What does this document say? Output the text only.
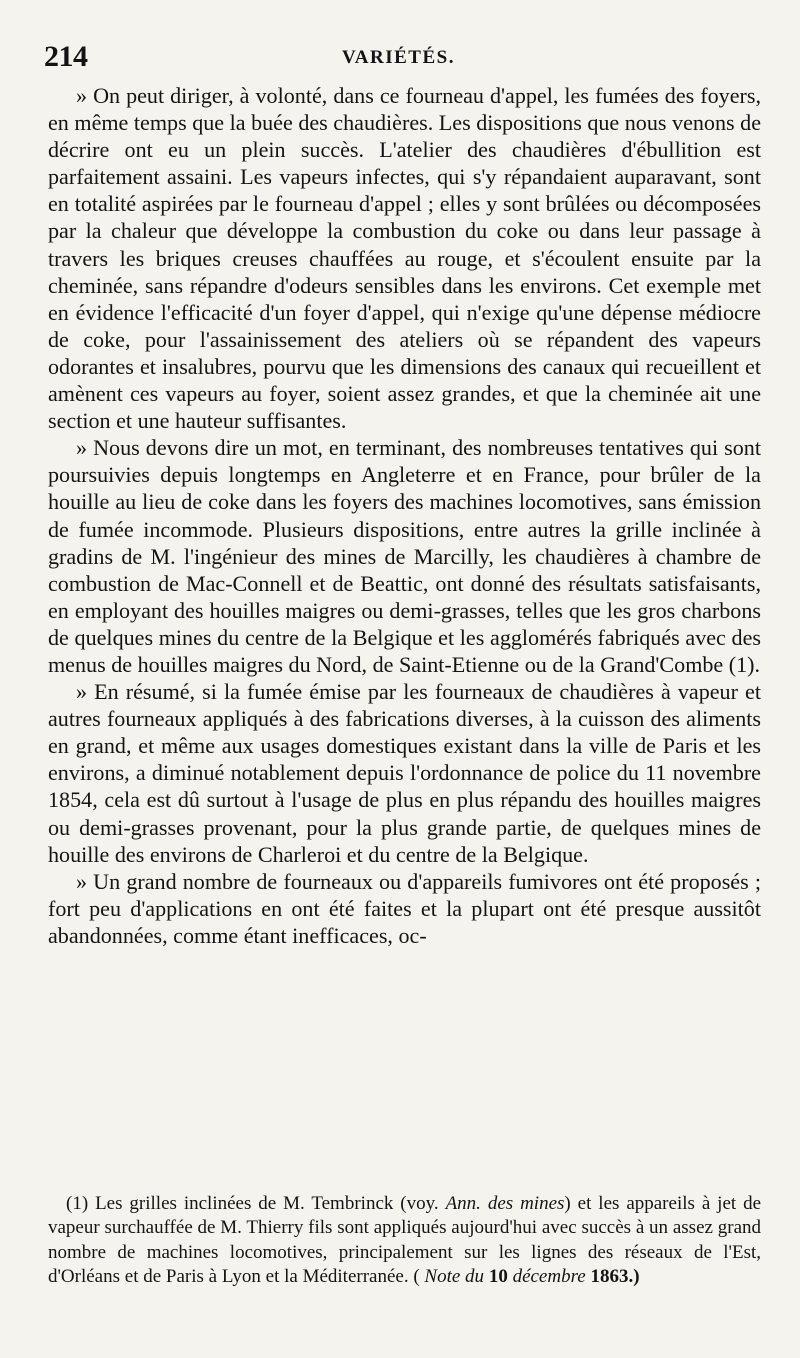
214	VARIÉTÉS.

» On peut diriger, à volonté, dans ce fourneau d'appel, les fumées des foyers, en même temps que la buée des chaudières. Les dispositions que nous venons de décrire ont eu un plein succès. L'atelier des chaudières d'ébullition est parfaitement assaini. Les vapeurs infectes, qui s'y répandaient auparavant, sont en totalité aspirées par le fourneau d'appel ; elles y sont brûlées ou décomposées par la chaleur que développe la combustion du coke ou dans leur passage à travers les briques creuses chauffées au rouge, et s'écoulent ensuite par la cheminée, sans répandre d'odeurs sensibles dans les environs. Cet exemple met en évidence l'efficacité d'un foyer d'appel, qui n'exige qu'une dépense médiocre de coke, pour l'assainissement des ateliers où se répandent des vapeurs odorantes et insalubres, pourvu que les dimensions des canaux qui recueillent et amènent ces vapeurs au foyer, soient assez grandes, et que la cheminée ait une section et une hauteur suffisantes.

» Nous devons dire un mot, en terminant, des nombreuses tentatives qui sont poursuivies depuis longtemps en Angleterre et en France, pour brûler de la houille au lieu de coke dans les foyers des machines locomotives, sans émission de fumée incommode. Plusieurs dispositions, entre autres la grille inclinée à gradins de M. l'ingénieur des mines de Marcilly, les chaudières à chambre de combustion de Mac-Connell et de Beattic, ont donné des résultats satisfaisants, en employant des houilles maigres ou demi-grasses, telles que les gros charbons de quelques mines du centre de la Belgique et les agglomérés fabriqués avec des menus de houilles maigres du Nord, de Saint-Etienne ou de la Grand'Combe (1).

» En résumé, si la fumée émise par les fourneaux de chaudières à vapeur et autres fourneaux appliqués à des fabrications diverses, à la cuisson des aliments en grand, et même aux usages domestiques existant dans la ville de Paris et les environs, a diminué notablement depuis l'ordonnance de police du 11 novembre 1854, cela est dû surtout à l'usage de plus en plus répandu des houilles maigres ou demi-grasses provenant, pour la plus grande partie, de quelques mines de houille des environs de Charleroi et du centre de la Belgique.

» Un grand nombre de fourneaux ou d'appareils fumivores ont été proposés ; fort peu d'applications en ont été faites et la plupart ont été presque aussitôt abandonnées, comme étant inefficaces, oc-

(1) Les grilles inclinées de M. Tembrinck (voy. Ann. des mines) et les appareils à jet de vapeur surchauffée de M. Thierry fils sont appliqués aujourd'hui avec succès à un assez grand nombre de machines locomotives, principalement sur les lignes des réseaux de l'Est, d'Orléans et de Paris à Lyon et la Méditerranée. ( Note du 10 décembre 1863.)
